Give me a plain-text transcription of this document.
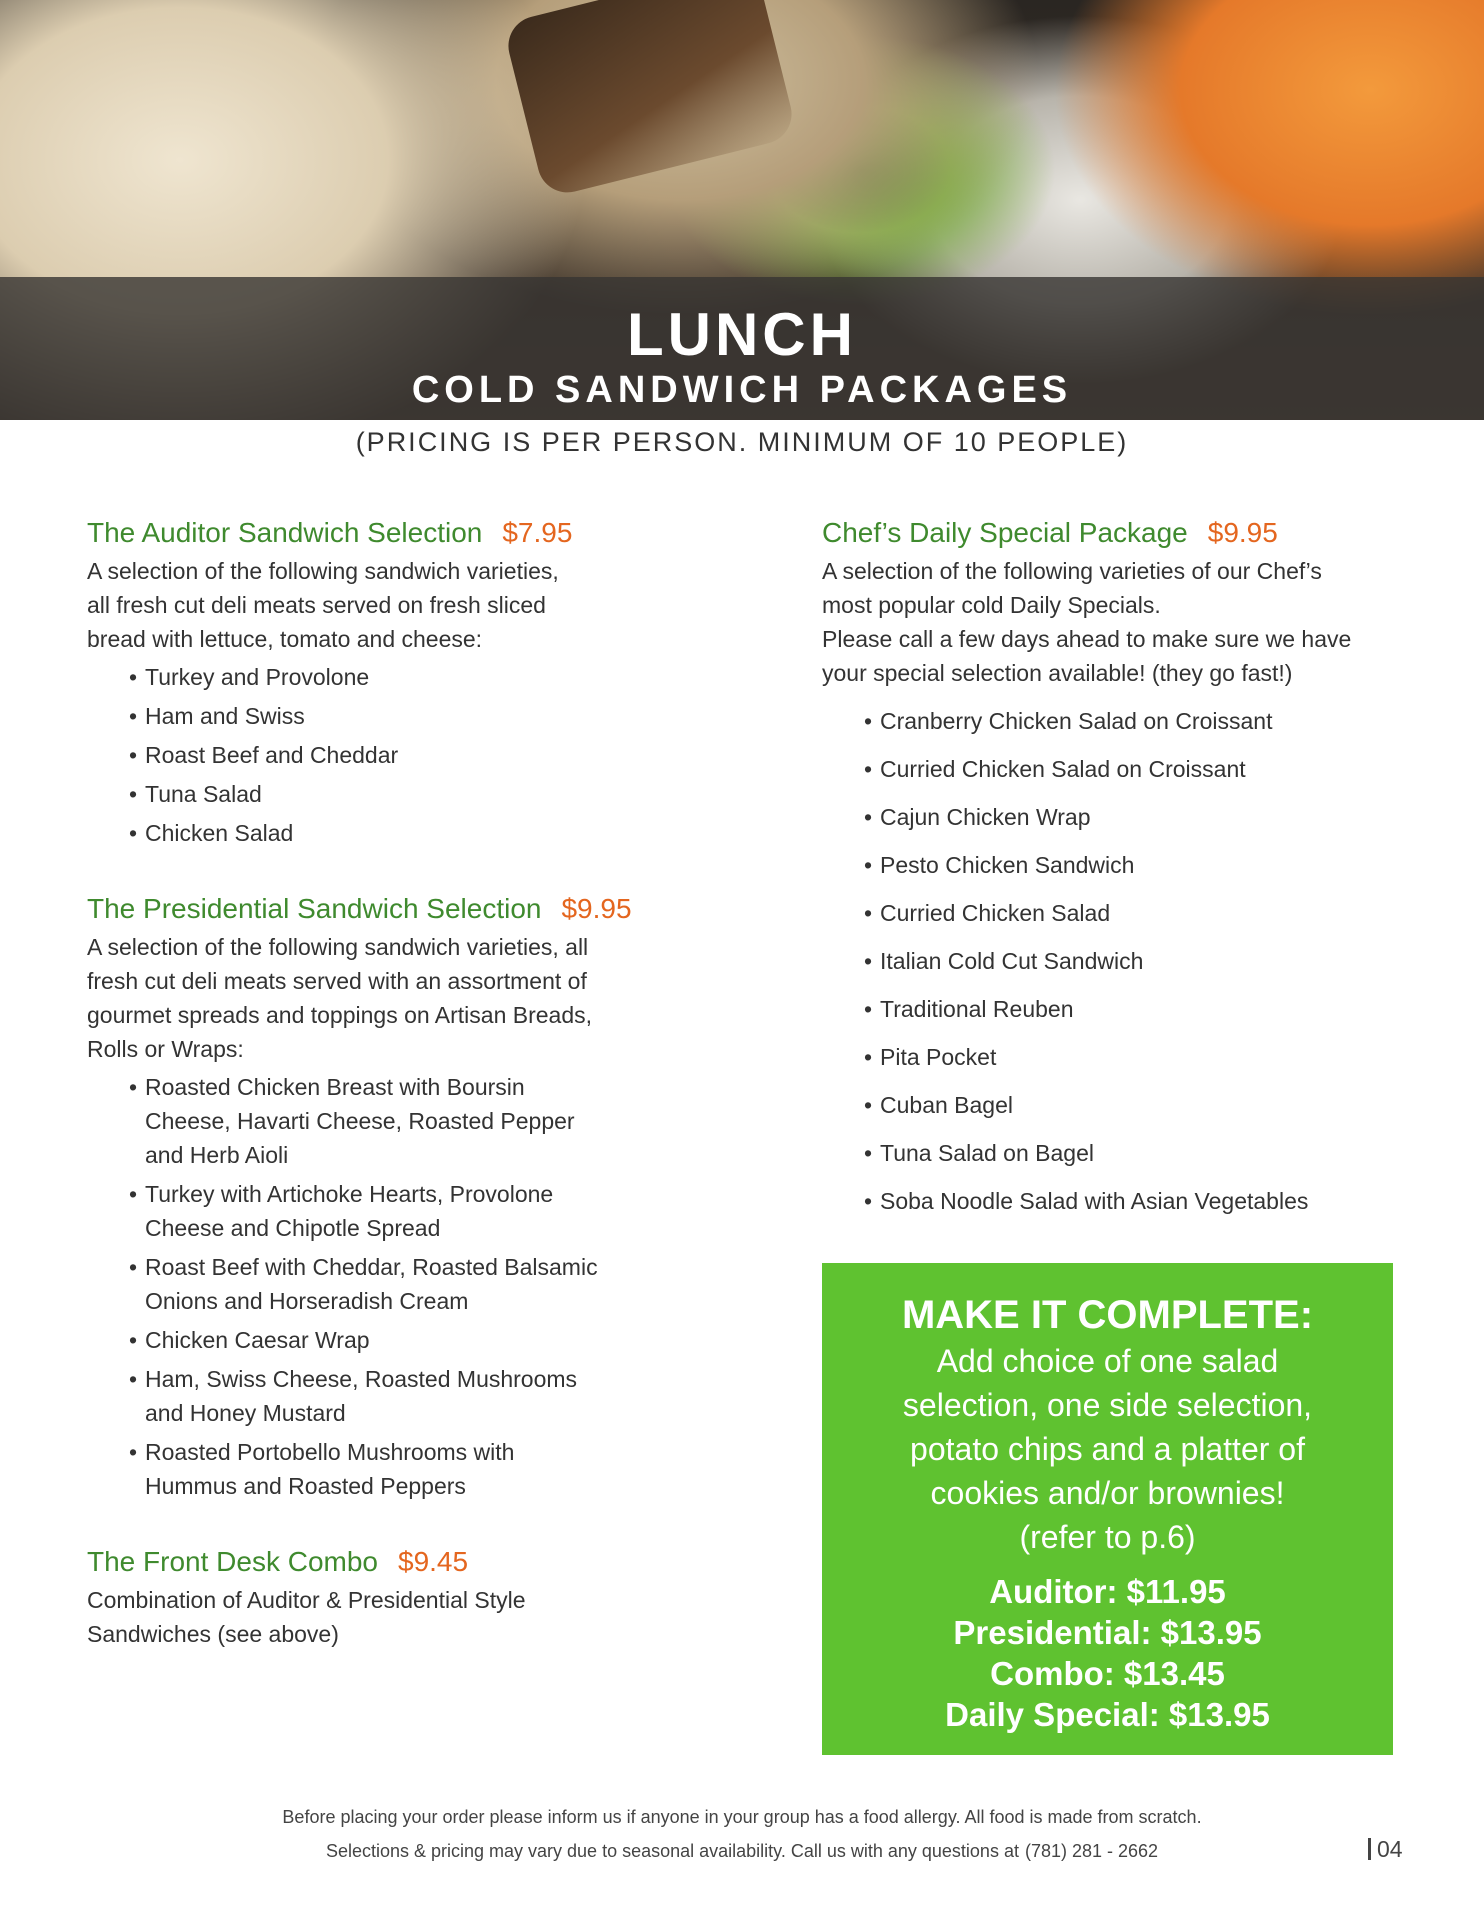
LUNCH
COLD SANDWICH PACKAGES
(PRICING IS PER PERSON. MINIMUM OF 10 PEOPLE)
The Auditor Sandwich Selection $7.95

A selection of the following sandwich varieties,
all fresh cut deli meats served on fresh sliced
bread with lettuce, tomato and cheese:

• Turkey and Provolone
• Ham and Swiss
• Roast Beef and Cheddar
• Tuna Salad
• Chicken Salad
The Presidential Sandwich Selection $9.95

A selection of the following sandwich varieties, all
fresh cut deli meats served with an assortment of
gourmet spreads and toppings on Artisan Breads,
Rolls or Wraps:

• Roasted Chicken Breast with Boursin
Cheese, Havarti Cheese, Roasted Pepper
and Herb Aioli
• Turkey with Artichoke Hearts, Provolone
Cheese and Chipotle Spread
• Roast Beef with Cheddar, Roasted Balsamic
Onions and Horseradish Cream
• Chicken Caesar Wrap
• Ham, Swiss Cheese, Roasted Mushrooms
and Honey Mustard
• Roasted Portobello Mushrooms with
Hummus and Roasted Peppers
The Front Desk Combo $9.45

Combination of Auditor & Presidential Style
Sandwiches (see above)

Chef’s Daily Special Package $9.95

A selection of the following varieties of our Chef’s
most popular cold Daily Specials.
Please call a few days ahead to make sure we have
your special selection available! (they go fast!)

• Cranberry Chicken Salad on Croissant
• Curried Chicken Salad on Croissant
• Cajun Chicken Wrap
• Pesto Chicken Sandwich
• Curried Chicken Salad
• Italian Cold Cut Sandwich
• Traditional Reuben
• Pita Pocket
• Cuban Bagel
• Tuna Salad on Bagel
• Soba Noodle Salad with Asian Vegetables
MAKE IT COMPLETE:
Add choice of one salad
selection, one side selection,
potato chips and a platter of
cookies and/or brownies!
(refer to p.6)
Auditor: $11.95
Presidential: $13.95
Combo: $13.45
Daily Special: $13.95
Before placing your order please inform us if anyone in your group has a food allergy. All food is made from scratch.
Selections & pricing may vary due to seasonal availability. Call us with any questions at (781) 281 - 2662	04
